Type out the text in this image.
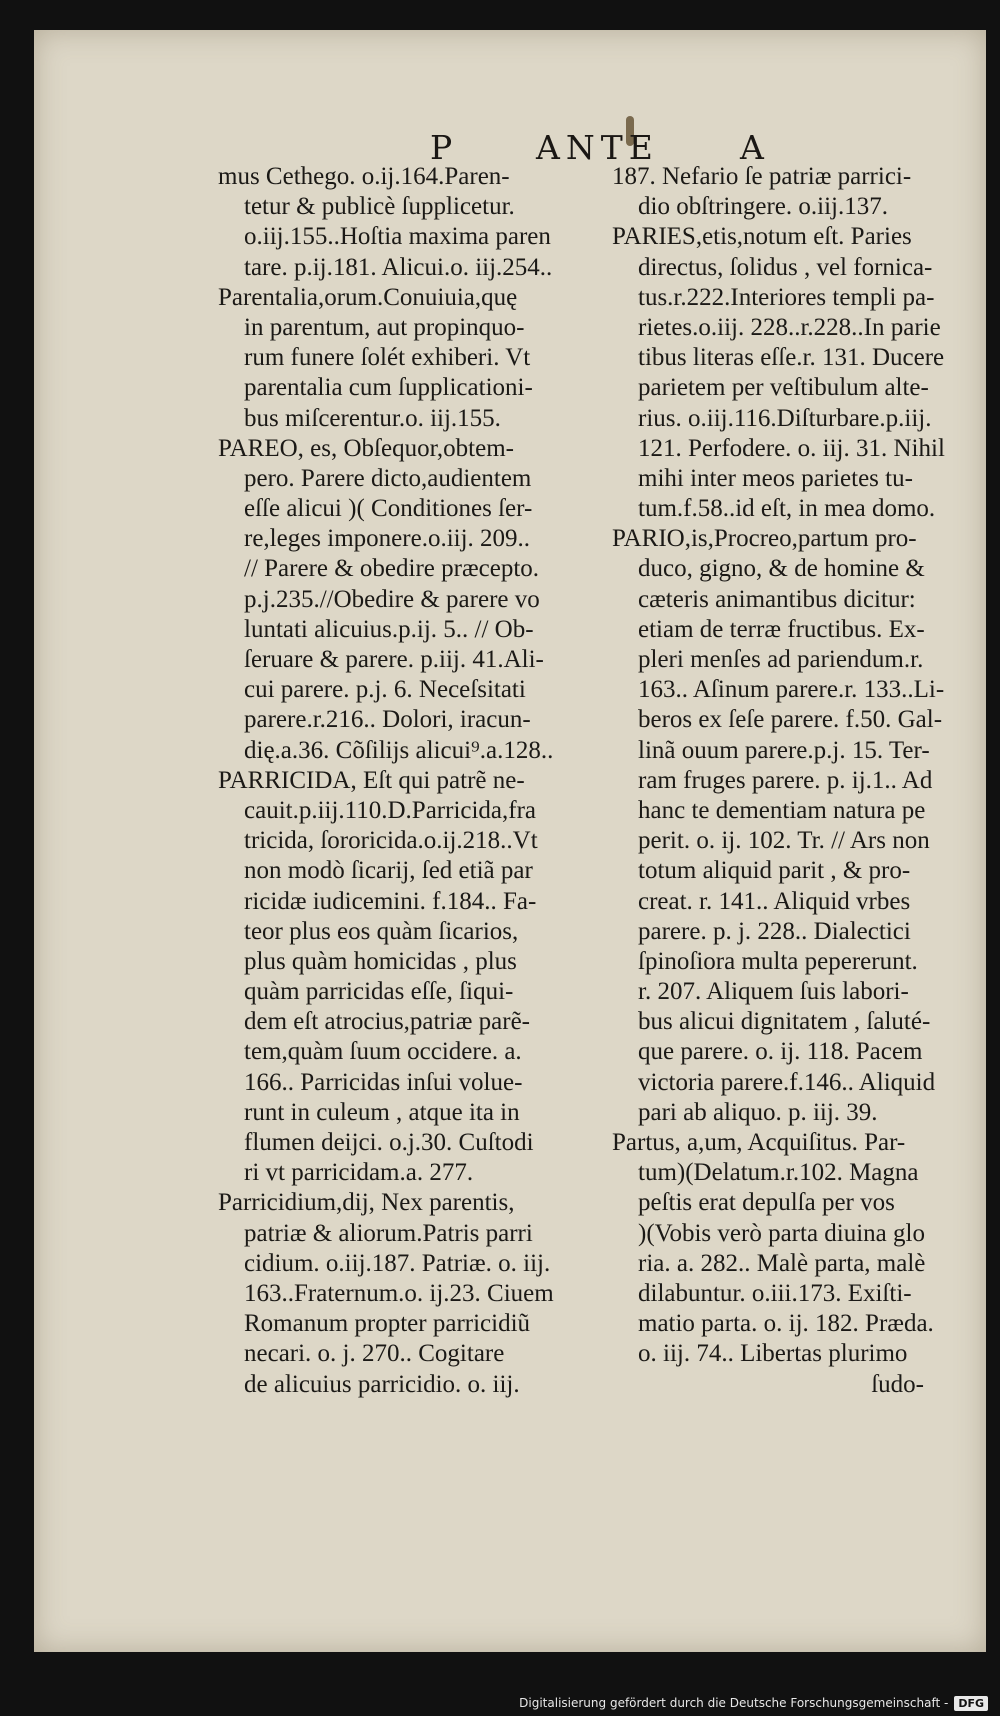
P ANTE A
mus Cethego. o.ij.164.Paren-
tetur & publicè ſupplicetur.
o.iij.155..Hoſtia maxima paren
tare. p.ij.181. Alicui.o. iij.254..
Parentalia,orum.Conuiuia,quę
in parentum, aut propinquo-
rum funere ſolét exhiberi. Vt
parentalia cum ſupplicationi-
bus miſcerentur.o. iij.155.
PAREO, es, Obſequor,obtem-
pero. Parere dicto,audientem
eſſe alicui )( Conditiones ſer-
re,leges imponere.o.iij. 209..
// Parere & obedire præcepto.
p.j.235.//Obedire & parere vo
luntati alicuius.p.ij. 5.. // Ob-
ſeruare & parere. p.iij. 41.Ali-
cui parere. p.j. 6. Neceſsitati
parere.r.216.. Dolori, iracun-
dię.a.36. Cõſilijs alicui⁹.a.128..
PARRICIDA, Eſt qui patrẽ ne-
cauit.p.iij.110.D.Parricida,fra
tricida, ſororicida.o.ij.218..Vt
non modò ſicarij, ſed etiã par
ricidæ iudicemini. f.184.. Fa-
teor plus eos quàm ſicarios,
plus quàm homicidas , plus
quàm parricidas eſſe, ſiqui-
dem eſt atrocius,patriæ parẽ-
tem,quàm ſuum occidere. a.
166.. Parricidas inſui volue-
runt in culeum , atque ita in
flumen deijci. o.j.30. Cuſtodi
ri vt parricidam.a. 277.
Parricidium,dij, Nex parentis,
patriæ & aliorum.Patris parri
cidium. o.iij.187. Patriæ. o. iij.
163..Fraternum.o. ij.23. Ciuem
Romanum propter parricidiũ
necari. o. j. 270.. Cogitare
de alicuius parricidio. o. iij.
187. Nefario ſe patriæ parrici-
dio obſtringere. o.iij.137.
PARIES,etis,notum eſt. Paries
directus, ſolidus , vel fornica-
tus.r.222.Interiores templi pa-
rietes.o.iij. 228..r.228..In parie
tibus literas eſſe.r. 131. Ducere
parietem per veſtibulum alte-
rius. o.iij.116.Diſturbare.p.iij.
121. Perfodere. o. iij. 31. Nihil
mihi inter meos parietes tu-
tum.f.58..id eſt, in mea domo.
PARIO,is,Procreo,partum pro-
duco, gigno, & de homine &
cæteris animantibus dicitur:
etiam de terræ fructibus. Ex-
pleri menſes ad pariendum.r.
163.. Aſinum parere.r. 133..Li-
beros ex ſeſe parere. f.50. Gal-
linã ouum parere.p.j. 15. Ter-
ram fruges parere. p. ij.1.. Ad
hanc te dementiam natura pe
perit. o. ij. 102. Tr. // Ars non
totum aliquid parit , & pro-
creat. r. 141.. Aliquid vrbes
parere. p. j. 228.. Dialectici
ſpinoſiora multa pepererunt.
r. 207. Aliquem ſuis labori-
bus alicui dignitatem , ſaluté-
que parere. o. ij. 118. Pacem
victoria parere.f.146.. Aliquid
pari ab aliquo. p. iij. 39.
Partus, a,um, Acquiſitus. Par-
tum)(Delatum.r.102. Magna
peſtis erat depulſa per vos
)(Vobis verò parta diuina glo
ria. a. 282.. Malè parta, malè
dilabuntur. o.iii.173. Exiſti-
matio parta. o. ij. 182. Præda.
o. iij. 74.. Libertas plurimo
ſudo-
Digitalisierung gefördert durch die Deutsche Forschungsgemeinschaft - DFG
